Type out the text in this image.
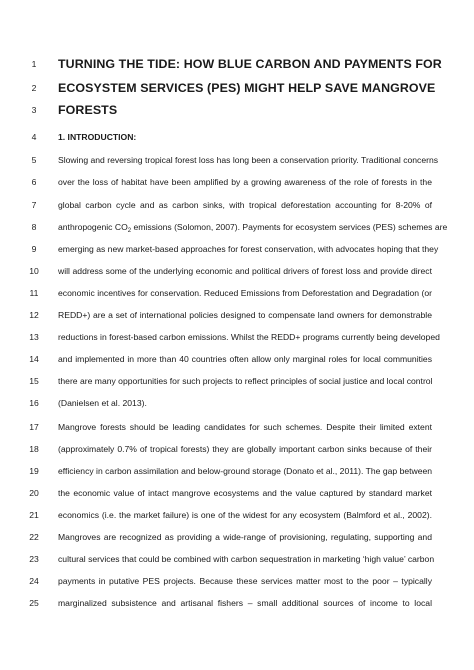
1	TURNING THE TIDE: HOW BLUE CARBON AND PAYMENTS FOR
2	ECOSYSTEM SERVICES (PES) MIGHT HELP SAVE MANGROVE
3	FORESTS
4	1. INTRODUCTION:
5	Slowing and reversing tropical forest loss has long been a conservation priority. Traditional concerns
6	over the loss of habitat have been amplified by a growing awareness of the role of forests in the
7	global carbon cycle and as carbon sinks, with tropical deforestation accounting for 8-20% of
8	anthropogenic $CO_2$ emissions (Solomon, 2007). Payments for ecosystem services (PES) schemes are
9	emerging as new market-based approaches for forest conservation, with advocates hoping that they
10	will address some of the underlying economic and political drivers of forest loss and provide direct
11	economic incentives for conservation. Reduced Emissions from Deforestation and Degradation (or
12	REDD+) are a set of international policies designed to compensate land owners for demonstrable
13	reductions in forest-based carbon emissions. Whilst the REDD+ programs currently being developed
14	and implemented in more than 40 countries often allow only marginal roles for local communities
15	there are many opportunities for such projects to reflect principles of social justice and local control
16	(Danielsen et al. 2013).
17	Mangrove forests should be leading candidates for such schemes. Despite their limited extent
18	(approximately 0.7% of tropical forests) they are globally important carbon sinks because of their
19	efficiency in carbon assimilation and below-ground storage (Donato et al., 2011). The gap between
20	the economic value of intact mangrove ecosystems and the value captured by standard market
21	economics (i.e. the market failure) is one of the widest for any ecosystem (Balmford et al., 2002).
22	Mangroves are recognized as providing a wide-range of provisioning, regulating, supporting and
23	cultural services that could be combined with carbon sequestration in marketing ‘high value’ carbon
24	payments in putative PES projects. Because these services matter most to the poor – typically
25	marginalized subsistence and artisanal fishers – small additional sources of income to local
